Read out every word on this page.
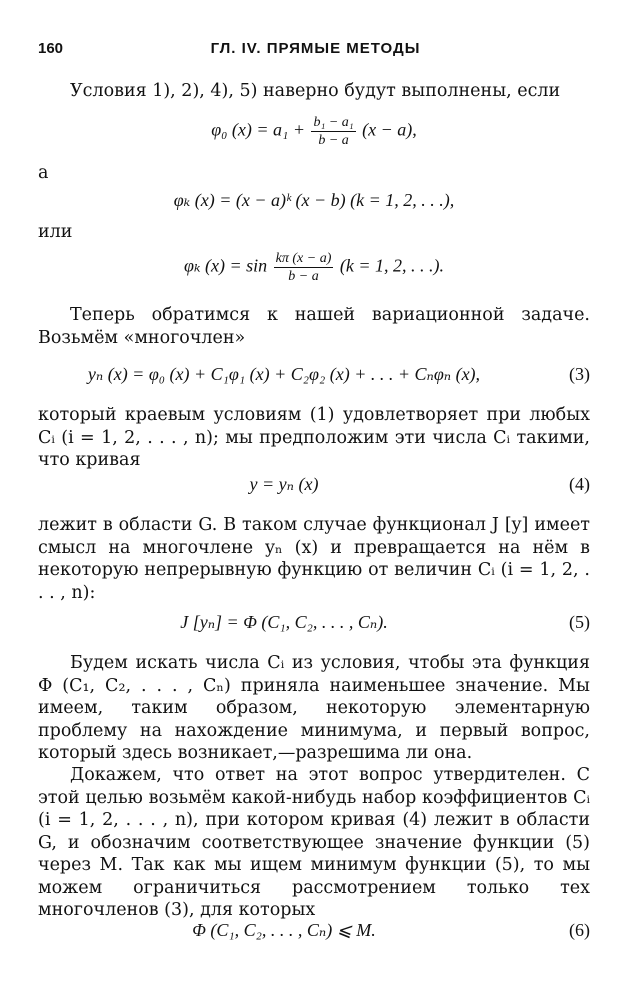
160	ГЛ. IV. ПРЯМЫЕ МЕТОДЫ

Условия 1), 2), 4), 5) наверно будут выполнены, если

φ₀ $(x) = a_1 + \frac{\text{b₁ − a₁}}{b - a} (x - a)$,

а

φₖ (x) = (x − a)ᵏ (x − b) (k = 1, 2, . . .),

или

φₖ $(x) = \sin \frac{k\pi (x - a)}{b - a} (k = 1$, 2, . . .).

Теперь обратимся к нашей вариационной задаче. Возьмём «многочлен»

yₙ (x) = φ₀ (x) + C₁φ₁ (x) + C₂φ₂ (x) + . . . + Cₙφₙ (x),	(3)

который краевым условиям (1) удовлетворяет при любых Cᵢ (i = 1, 2, . . . , n); мы предположим эти числа Cᵢ такими, что кривая

y = yₙ (x)	(4)

лежит в области G. В таком случае функционал J [y] имеет смысл на многочлене yₙ (x) и превращается на нём в некоторую непрерывную функцию от величин Cᵢ (i = 1, 2, . . . , n):

J [yₙ] = Φ (C₁, C₂, . . . , Cₙ).	(5)

Будем искать числа Cᵢ из условия, чтобы эта функция Φ (C₁, C₂, . . . , Cₙ) приняла наименьшее значение. Мы имеем, таким образом, некоторую элементарную проблему на нахождение минимума, и первый вопрос, который здесь возникает,—разрешима ли она.

Докажем, что ответ на этот вопрос утвердителен. С этой целью возьмём какой-нибудь набор коэффициентов Cᵢ (i = 1, 2, . . . , n), при котором кривая (4) лежит в области G, и обозначим соответствующее значение функции (5) через M. Так как мы ищем минимум функции (5), то мы можем ограничиться рассмотрением только тех многочленов (3), для которых

Φ (C₁, C₂, . . . , Cₙ) ⩽ M.	(6)
